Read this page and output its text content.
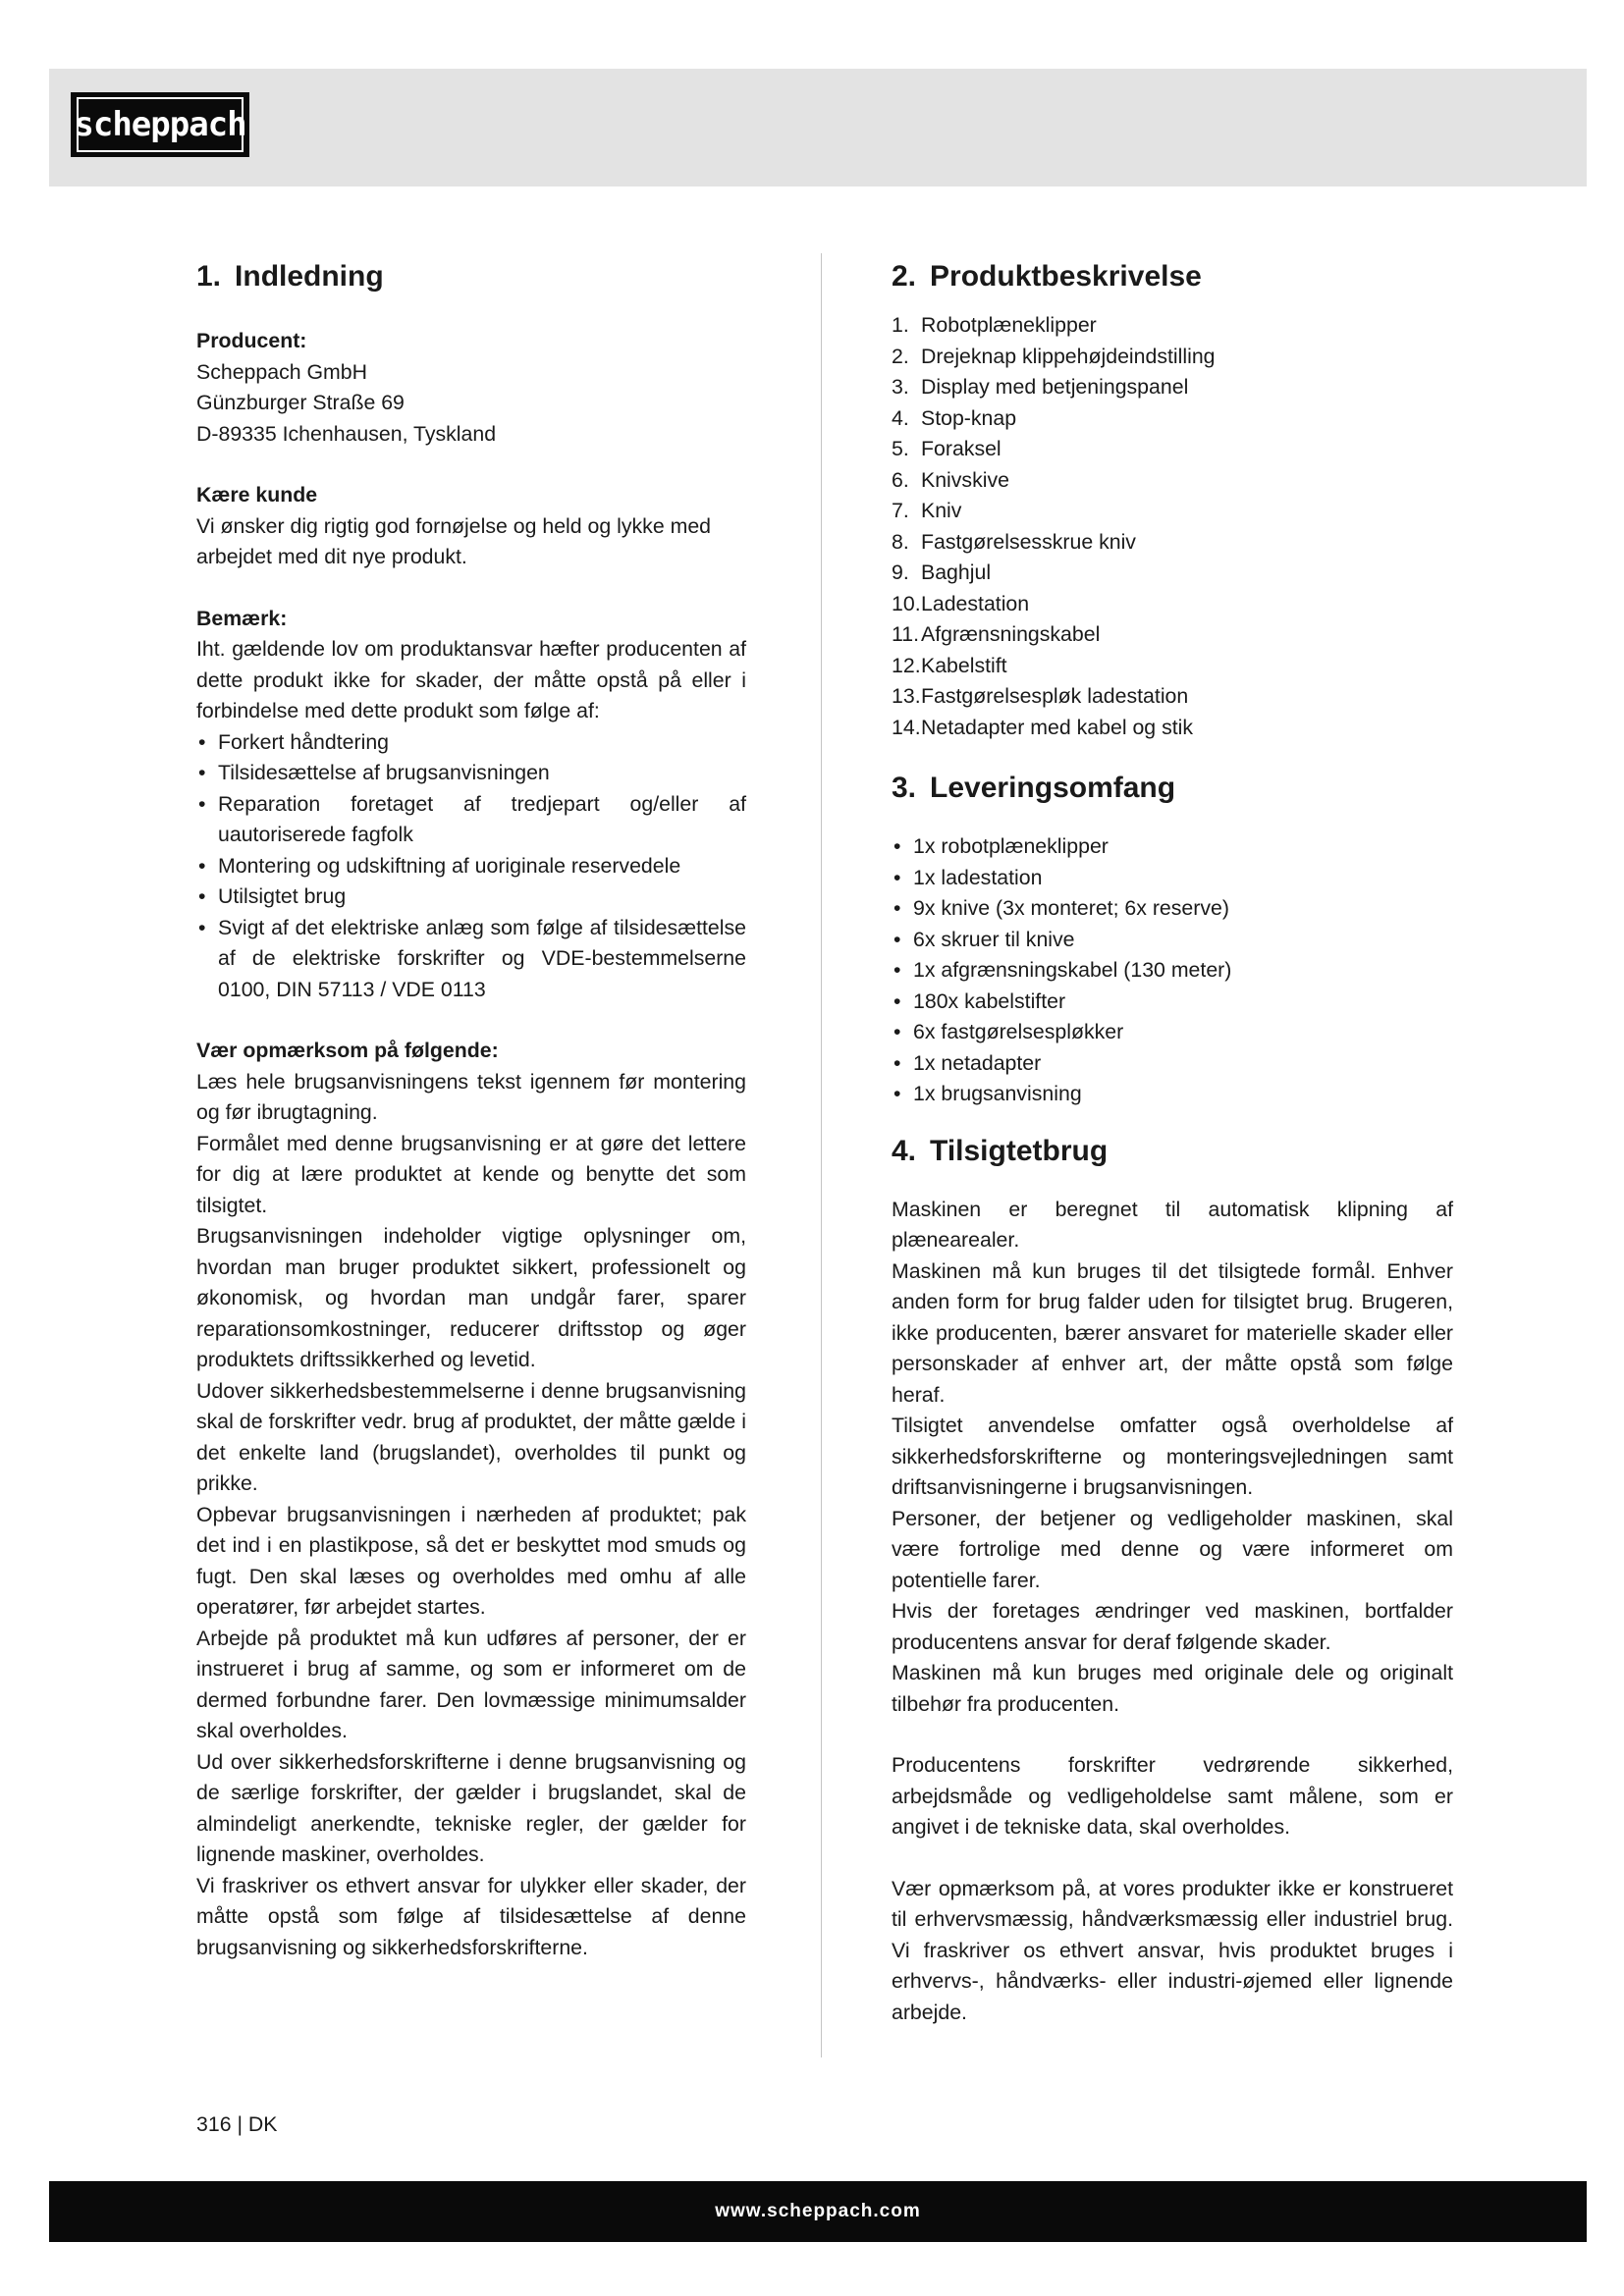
scheppach
1. Indledning
Producent:
Scheppach GmbH
Günzburger Straße 69
D-89335 Ichenhausen, Tyskland
Kære kunde

Vi ønsker dig rigtig god fornøjelse og held og lykke med arbejdet med dit nye produkt.

Bemærk:

Iht. gældende lov om produktansvar hæfter producenten af dette produkt ikke for skader, der måtte opstå på eller i forbindelse med dette produkt som følge af:

• Forkert håndtering
• Tilsidesættelse af brugsanvisningen
• Reparation foretaget af tredjepart og/eller af uautoriserede fagfolk
• Montering og udskiftning af uoriginale reservedele
• Utilsigtet brug
• Svigt af det elektriske anlæg som følge af tilsidesættelse af de elektriske forskrifter og VDE-bestemmelserne 0100, DIN 57113 / VDE 0113
Vær opmærksom på følgende:

Læs hele brugsanvisningens tekst igennem før montering og før ibrugtagning.

Formålet med denne brugsanvisning er at gøre det lettere for dig at lære produktet at kende og benytte det som tilsigtet.

Brugsanvisningen indeholder vigtige oplysninger om, hvordan man bruger produktet sikkert, professionelt og økonomisk, og hvordan man undgår farer, sparer reparationsomkostninger, reducerer driftsstop og øger produktets driftssikkerhed og levetid.

Udover sikkerhedsbestemmelserne i denne brugsanvisning skal de forskrifter vedr. brug af produktet, der måtte gælde i det enkelte land (brugslandet), overholdes til punkt og prikke.

Opbevar brugsanvisningen i nærheden af produktet; pak det ind i en plastikpose, så det er beskyttet mod smuds og fugt. Den skal læses og overholdes med omhu af alle operatører, før arbejdet startes.

Arbejde på produktet må kun udføres af personer, der er instrueret i brug af samme, og som er informeret om de dermed forbundne farer. Den lovmæssige minimumsalder skal overholdes.

Ud over sikkerhedsforskrifterne i denne brugsanvisning og de særlige forskrifter, der gælder i brugslandet, skal de almindeligt anerkendte, tekniske regler, der gælder for lignende maskiner, overholdes.

Vi fraskriver os ethvert ansvar for ulykker eller skader, der måtte opstå som følge af tilsidesættelse af denne brugsanvisning og sikkerhedsforskrifterne.

2. Produktbeskrivelse
1. Robotplæneklipper
2. Drejeknap klippehøjdeindstilling
3. Display med betjeningspanel
4. Stop-knap
5. Foraksel
6. Knivskive
7. Kniv
8. Fastgørelsesskrue kniv
9. Baghjul
10.Ladestation
11.Afgrænsningskabel
12.Kabelstift
13.Fastgørelsespløk ladestation
14.Netadapter med kabel og stik
3. Leveringsomfang
• 1x robotplæneklipper
• 1x ladestation
• 9x knive (3x monteret; 6x reserve)
• 6x skruer til knive
• 1x afgrænsningskabel (130 meter)
• 180x kabelstifter
• 6x fastgørelsespløkker
• 1x netadapter
• 1x brugsanvisning
4. Tilsigtetbrug

Maskinen er beregnet til automatisk klipning af plænearealer.

Maskinen må kun bruges til det tilsigtede formål. Enhver anden form for brug falder uden for tilsigtet brug. Brugeren, ikke producenten, bærer ansvaret for materielle skader eller personskader af enhver art, der måtte opstå som følge heraf.

Tilsigtet anvendelse omfatter også overholdelse af sikkerhedsforskrifterne og monteringsvejledningen samt driftsanvisningerne i brugsanvisningen.

Personer, der betjener og vedligeholder maskinen, skal være fortrolige med denne og være informeret om potentielle farer.

Hvis der foretages ændringer ved maskinen, bortfalder producentens ansvar for deraf følgende skader.

Maskinen må kun bruges med originale dele og originalt tilbehør fra producenten.

Producentens forskrifter vedrørende sikkerhed, arbejdsmåde og vedligeholdelse samt målene, som er angivet i de tekniske data, skal overholdes.

Vær opmærksom på, at vores produkter ikke er konstrueret til erhvervsmæssig, håndværksmæssig eller industriel brug. Vi fraskriver os ethvert ansvar, hvis produktet bruges i erhvervs-, håndværks- eller industri-øjemed eller lignende arbejde.

316 | DK
www.scheppach.com
